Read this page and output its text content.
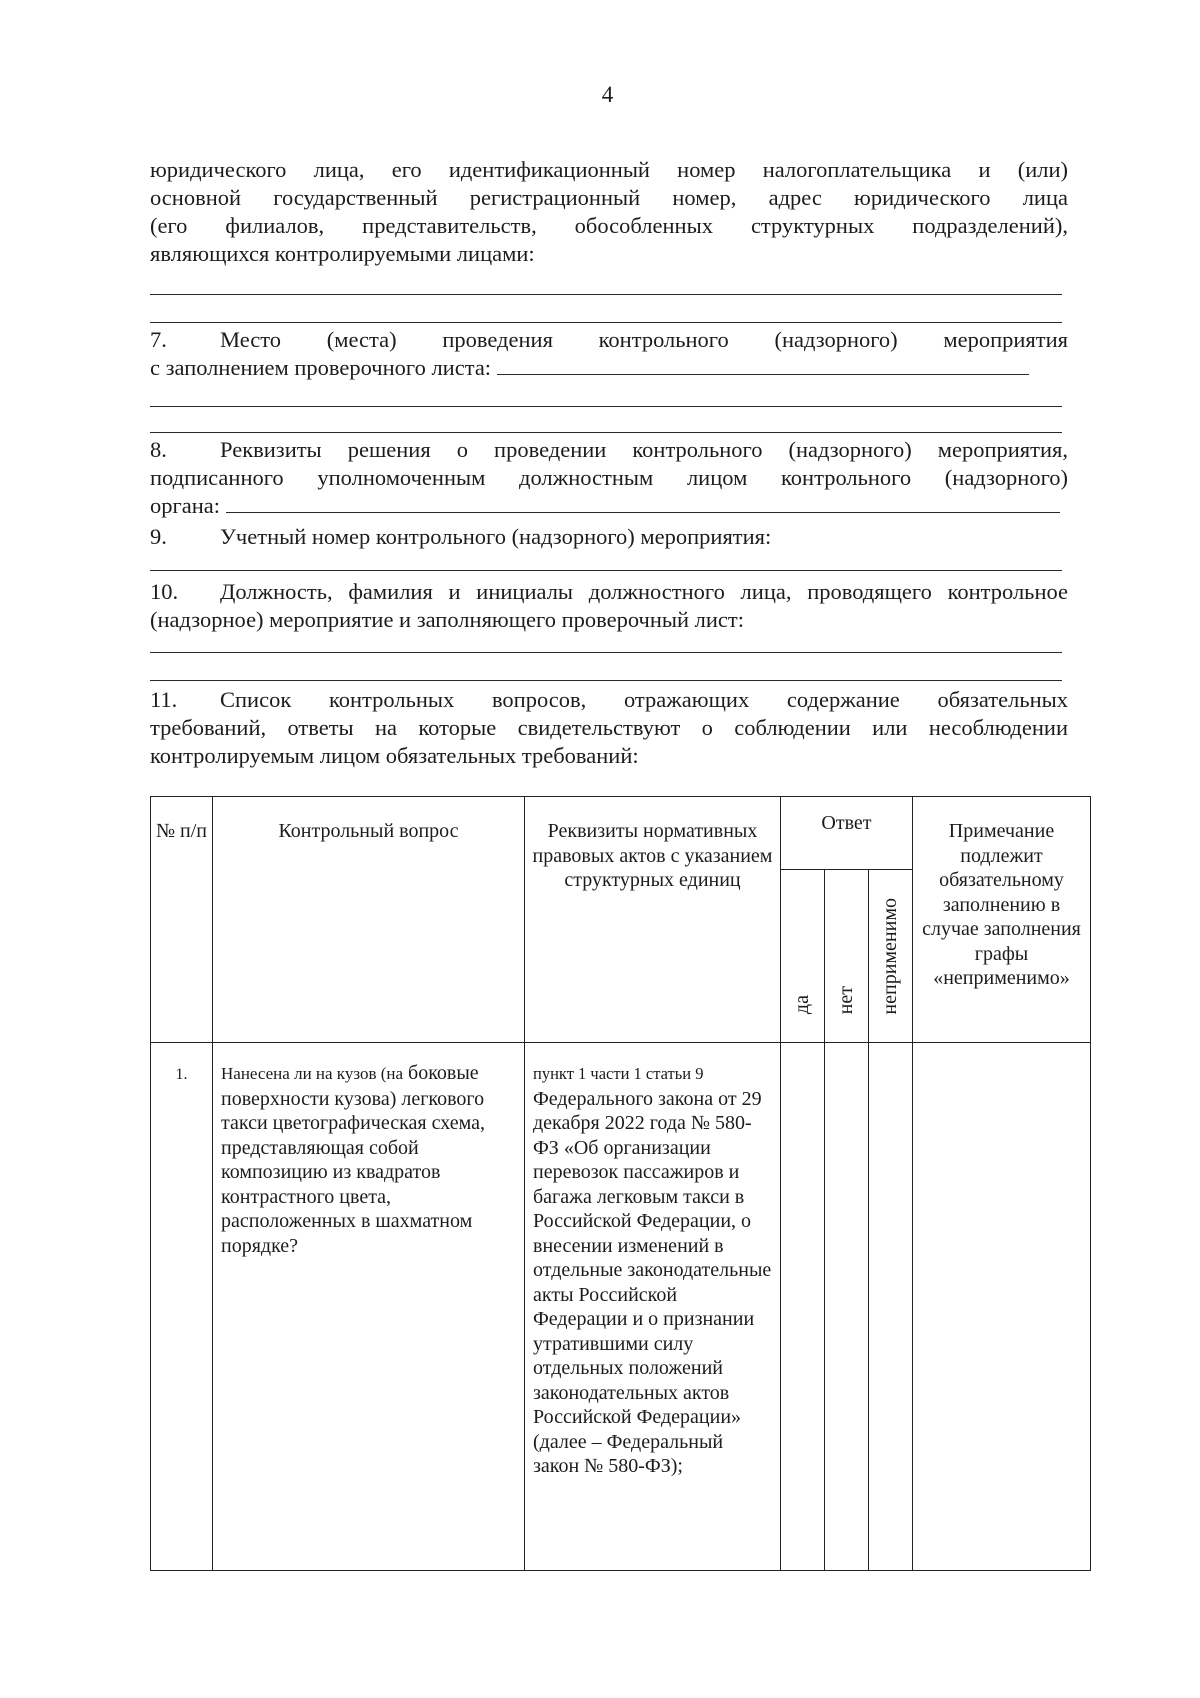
4
юридического лица, его идентификационный номер налогоплательщика и (или)
основной государственный регистрационный номер, адрес юридического лица
(его филиалов, представительств, обособленных структурных подразделений),
являющихся контролируемыми лицами:
7. Место (места) проведения контрольного (надзорного) мероприятия
с заполнением проверочного листа:
8. Реквизиты решения о проведении контрольного (надзорного) мероприятия,
подписанного уполномоченным должностным лицом контрольного (надзорного)
органа:
9. Учетный номер контрольного (надзорного) мероприятия:
10. Должность, фамилия и инициалы должностного лица, проводящего контрольное
(надзорное) мероприятие и заполняющего проверочный лист:
11. Список контрольных вопросов, отражающих содержание обязательных
требований, ответы на которые свидетельствуют о соблюдении или несоблюдении
контролируемым лицом обязательных требований:
№ п/п	Контрольный вопрос	Реквизиты нормативных правовых актов с указанием структурных единиц	Ответ			Примечание подлежит обязательному заполнению в случае заполнения графы «неприменимо»

			да	нет	неприменимо	

1.	Нанесена ли на кузов (на боковые поверхности кузова) легкового такси цветографическая схема, представляющая собой композицию из квадратов контрастного цвета, расположенных в шахматном порядке?	пункт 1 части 1 статьи 9 Федерального закона от 29 декабря 2022 года № 580-ФЗ «Об организации перевозок пассажиров и багажа легковым такси в Российской Федерации, о внесении изменений в отдельные законодательные акты Российской Федерации и о признании утратившими силу отдельных положений законодательных актов Российской Федерации» (далее – Федеральный закон № 580-ФЗ);				
